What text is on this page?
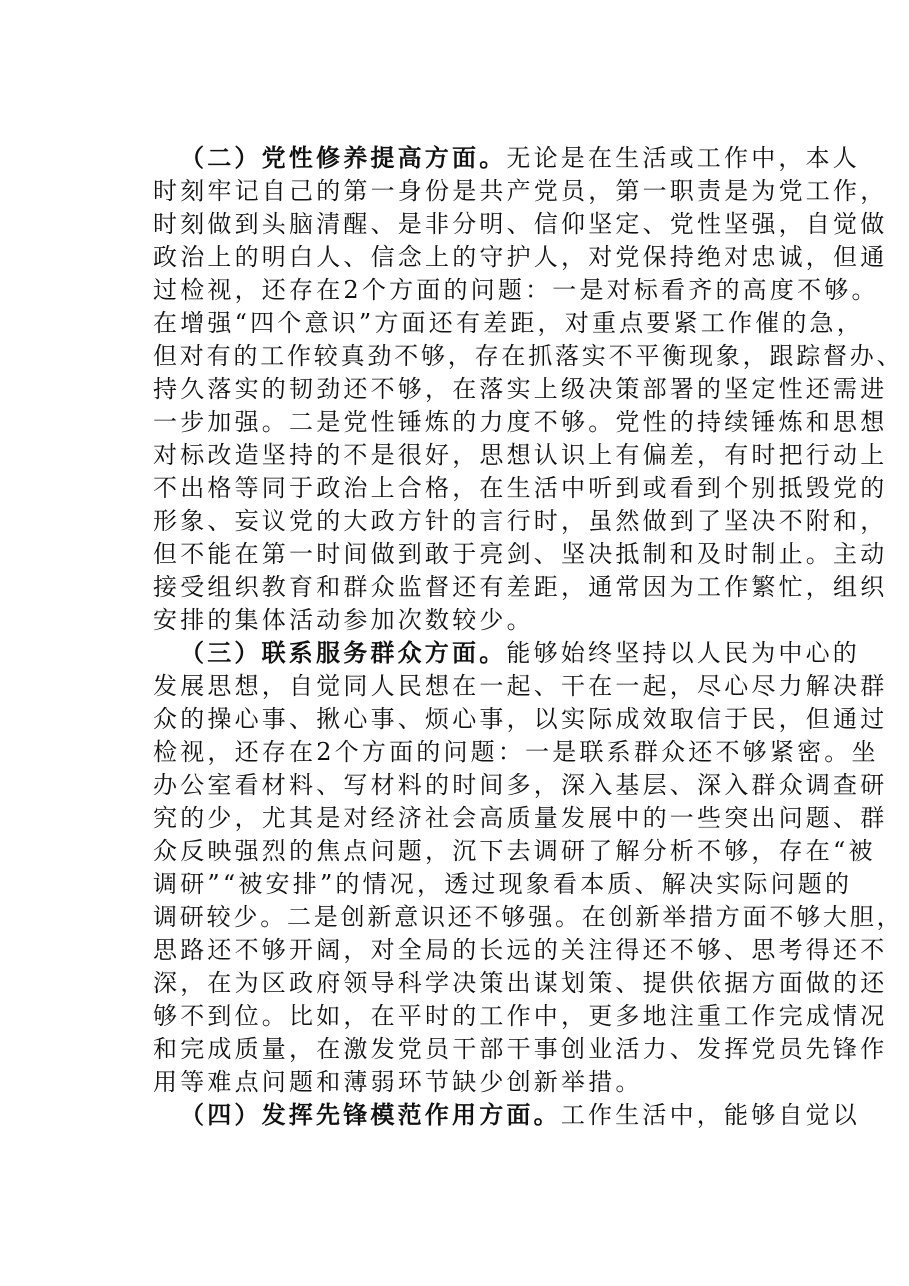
（二）党性修养提高方面。无论是在生活或工作中，本人
时刻牢记自己的第一身份是共产党员，第一职责是为党工作，
时刻做到头脑清醒、是非分明、信仰坚定、党性坚强，自觉做
政治上的明白人、信念上的守护人，对党保持绝对忠诚，但通
过检视，还存在2个方面的问题：一是对标看齐的高度不够。
在增强“四个意识”方面还有差距，对重点要紧工作催的急，
但对有的工作较真劲不够，存在抓落实不平衡现象，跟踪督办、
持久落实的韧劲还不够，在落实上级决策部署的坚定性还需进
一步加强。二是党性锤炼的力度不够。党性的持续锤炼和思想
对标改造坚持的不是很好，思想认识上有偏差，有时把行动上
不出格等同于政治上合格，在生活中听到或看到个别抵毁党的
形象、妄议党的大政方针的言行时，虽然做到了坚决不附和，
但不能在第一时间做到敢于亮剑、坚决抵制和及时制止。主动
接受组织教育和群众监督还有差距，通常因为工作繁忙，组织
安排的集体活动参加次数较少。
（三）联系服务群众方面。能够始终坚持以人民为中心的
发展思想，自觉同人民想在一起、干在一起，尽心尽力解决群
众的操心事、揪心事、烦心事，以实际成效取信于民，但通过
检视，还存在2个方面的问题：一是联系群众还不够紧密。坐
办公室看材料、写材料的时间多，深入基层、深入群众调查研
究的少，尤其是对经济社会高质量发展中的一些突出问题、群
众反映强烈的焦点问题，沉下去调研了解分析不够，存在“被
调研”“被安排”的情况，透过现象看本质、解决实际问题的
调研较少。二是创新意识还不够强。在创新举措方面不够大胆，
思路还不够开阔，对全局的长远的关注得还不够、思考得还不
深，在为区政府领导科学决策出谋划策、提供依据方面做的还
够不到位。比如，在平时的工作中，更多地注重工作完成情况
和完成质量，在激发党员干部干事创业活力、发挥党员先锋作
用等难点问题和薄弱环节缺少创新举措。
（四）发挥先锋模范作用方面。工作生活中，能够自觉以
